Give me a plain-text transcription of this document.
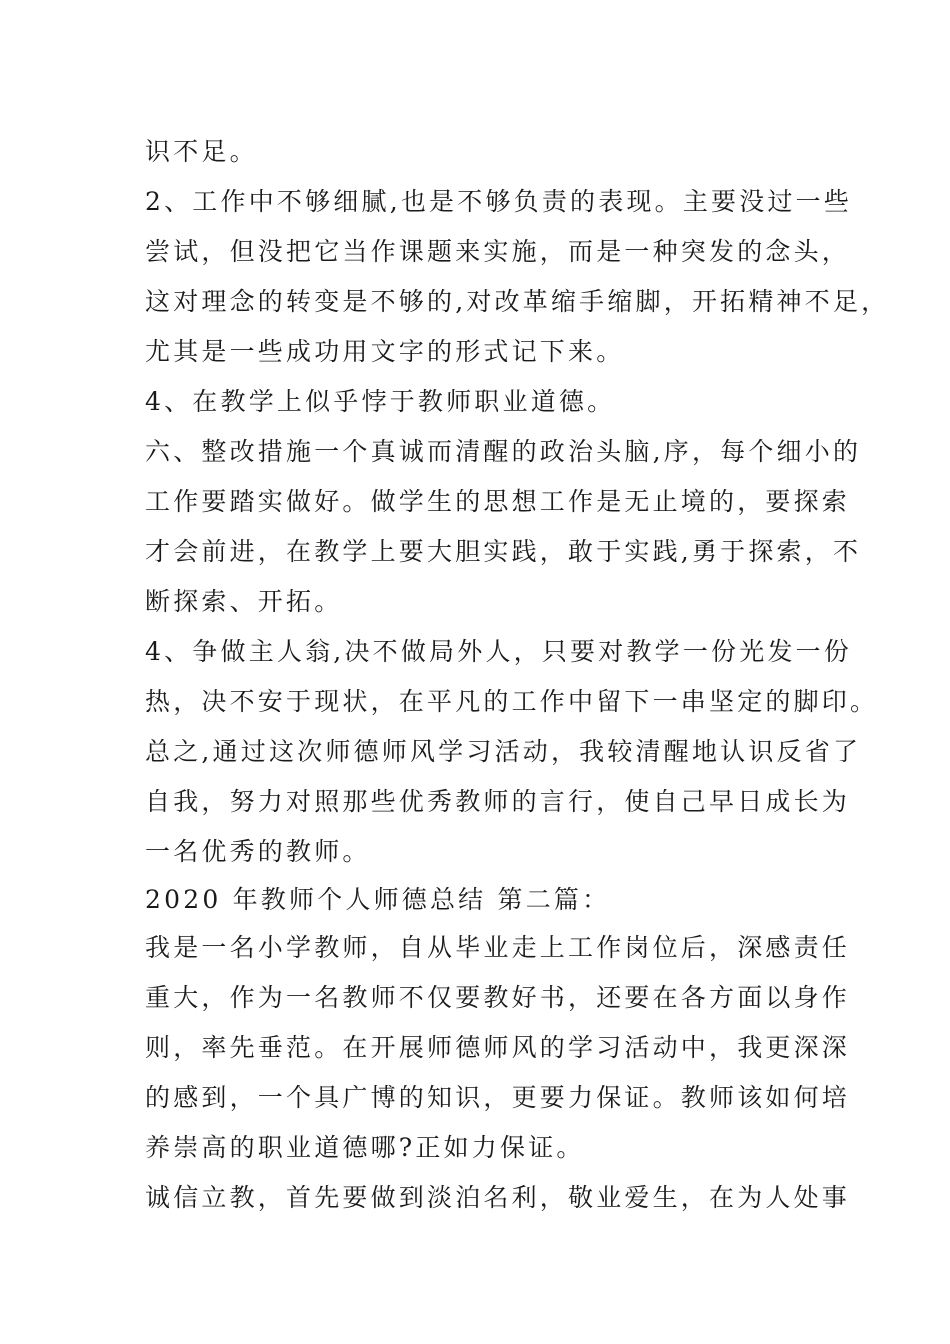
识不足。
2、工作中不够细腻,也是不够负责的表现。主要没过一些
尝试，但没把它当作课题来实施，而是一种突发的念头，
这对理念的转变是不够的,对改革缩手缩脚，开拓精神不足，
尤其是一些成功用文字的形式记下来。
4、在教学上似乎悖于教师职业道德。
六、整改措施一个真诚而清醒的政治头脑,序，每个细小的
工作要踏实做好。做学生的思想工作是无止境的，要探索
才会前进，在教学上要大胆实践，敢于实践,勇于探索，不
断探索、开拓。
4、争做主人翁,决不做局外人，只要对教学一份光发一份
热，决不安于现状，在平凡的工作中留下一串坚定的脚印。
总之,通过这次师德师风学习活动，我较清醒地认识反省了
自我，努力对照那些优秀教师的言行，使自己早日成长为
一名优秀的教师。
2020 年教师个人师德总结 第二篇：
我是一名小学教师，自从毕业走上工作岗位后，深感责任
重大，作为一名教师不仅要教好书，还要在各方面以身作
则，率先垂范。在开展师德师风的学习活动中，我更深深
的感到，一个具广博的知识，更要力保证。教师该如何培
养崇高的职业道德哪?正如力保证。
诚信立教，首先要做到淡泊名利，敬业爱生，在为人处事
